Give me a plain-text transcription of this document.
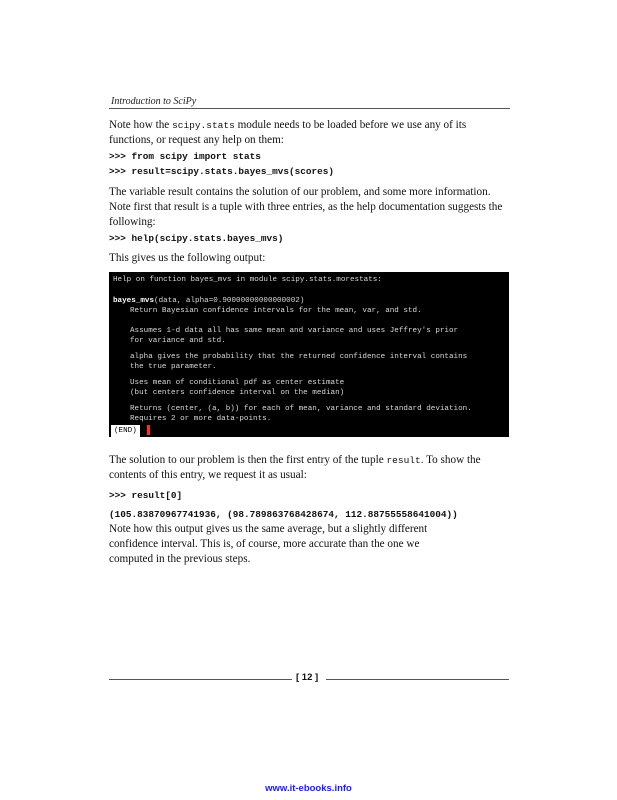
Introduction to SciPy

Note how the scipy.stats module needs to be loaded before we use any of its functions, or request any help on them:

>>> from scipy import stats
>>> result=scipy.stats.bayes_mvs(scores)

The variable result contains the solution of our problem, and some more information. Note first that result is a tuple with three entries, as the help documentation suggests the following:

>>> help(scipy.stats.bayes_mvs)

This gives us the following output:

Help on function bayes_mvs in module scipy.stats.morestats:
bayes_mvs(data, alpha=0.90000000000000002)
Return Bayesian confidence intervals for the mean, var, and std.
Assumes 1-d data all has same mean and variance and uses Jeffrey's prior
for variance and std.
alpha gives the probability that the returned confidence interval contains
the true parameter.
Uses mean of conditional pdf as center estimate
(but centers confidence interval on the median)
Returns (center, (a, b)) for each of mean, variance and standard deviation.
Requires 2 or more data-points.
(END)

The solution to our problem is then the first entry of the tuple result. To show the contents of this entry, we request it as usual:

>>> result[0]
(105.83870967741936, (98.789863768428674, 112.88755558641004))

Note how this output gives us the same average, but a slightly different confidence interval. This is, of course, more accurate than the one we computed in the previous steps.

[ 12 ]
www.it-ebooks.info
